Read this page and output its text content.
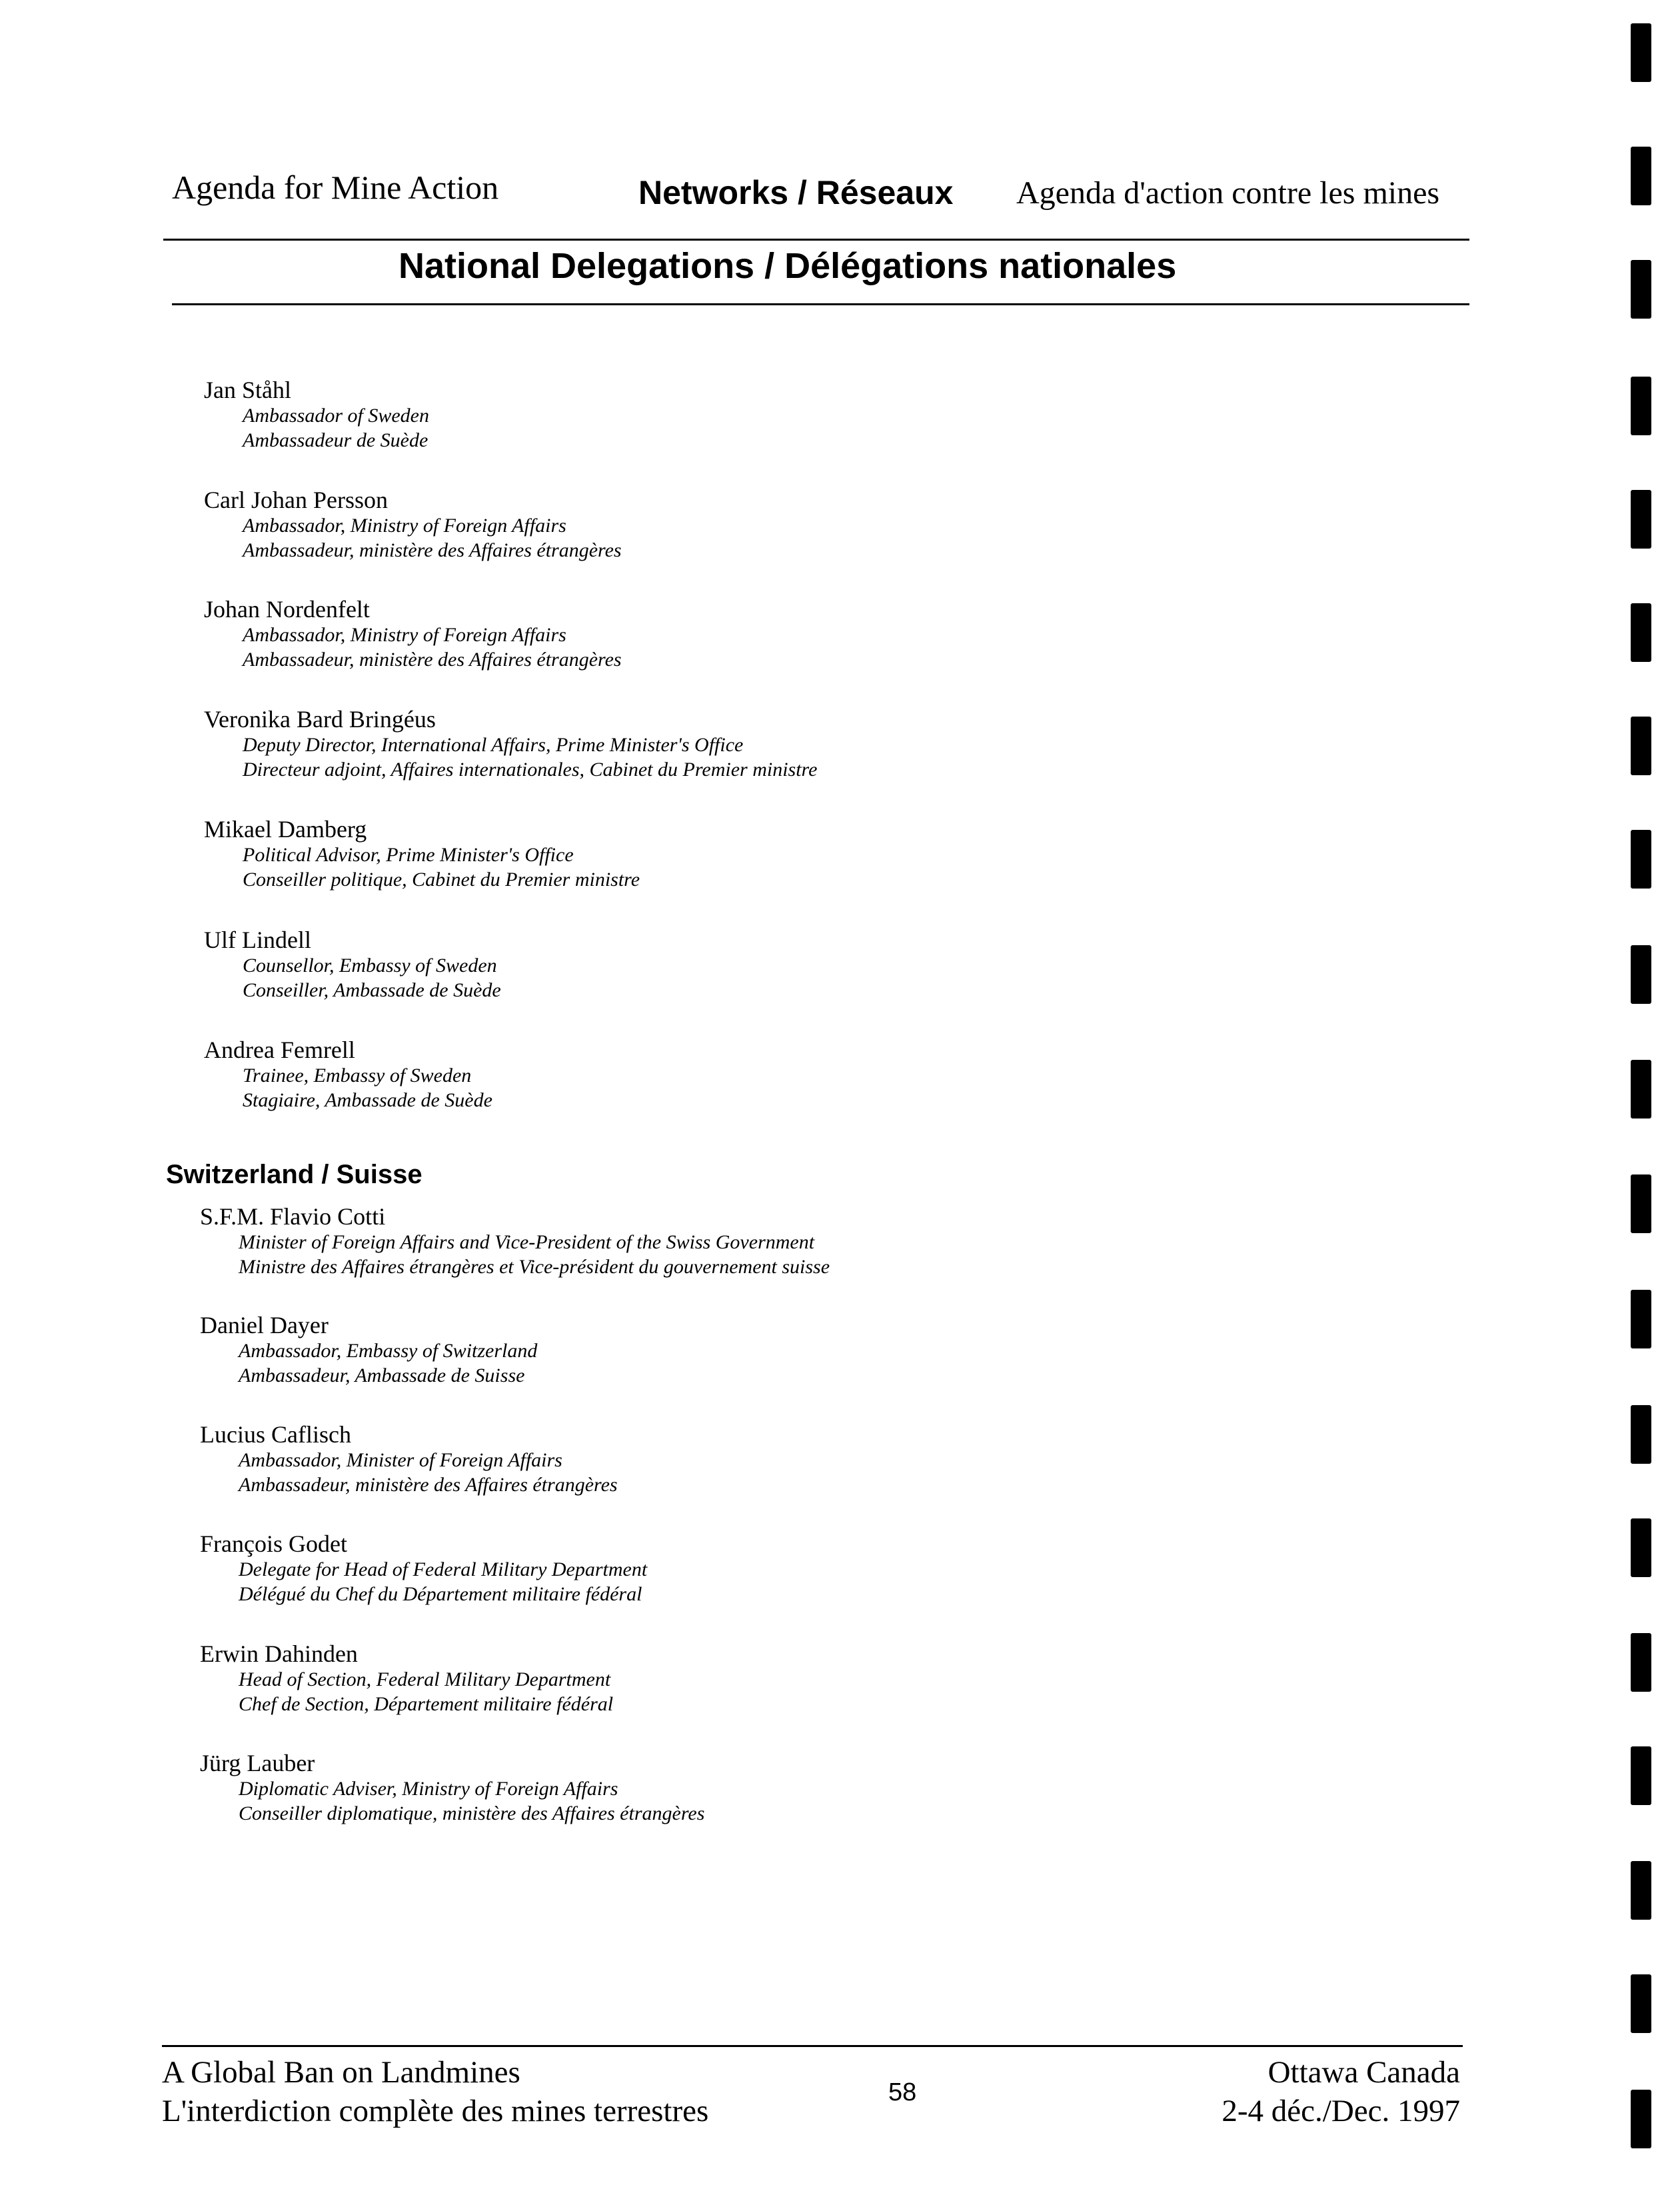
Agenda for Mine Action	Networks / Réseaux Agenda d'action contre les mines
National Delegations / Délégations nationales
Jan Ståhl
Ambassador of Sweden
Ambassadeur de Suède
Carl Johan Persson
Ambassador, Ministry of Foreign Affairs
Ambassadeur, ministère des Affaires étrangères
Johan Nordenfelt
Ambassador, Ministry of Foreign Affairs
Ambassadeur, ministère des Affaires étrangères
Veronika Bard Bringéus
Deputy Director, International Affairs, Prime Minister's Office
Directeur adjoint, Affaires internationales, Cabinet du Premier ministre
Mikael Damberg
Political Advisor, Prime Minister's Office
Conseiller politique, Cabinet du Premier ministre
Ulf Lindell
Counsellor, Embassy of Sweden
Conseiller, Ambassade de Suède
Andrea Femrell
Trainee, Embassy of Sweden
Stagiaire, Ambassade de Suède
Switzerland / Suisse
S.F.M. Flavio Cotti
Minister of Foreign Affairs and Vice-President of the Swiss Government
Ministre des Affaires étrangères et Vice-président du gouvernement suisse
Daniel Dayer
Ambassador, Embassy of Switzerland
Ambassadeur, Ambassade de Suisse
Lucius Caflisch
Ambassador, Minister of Foreign Affairs
Ambassadeur, ministère des Affaires étrangères
François Godet
Delegate for Head of Federal Military Department
Délégué du Chef du Département militaire fédéral
Erwin Dahinden
Head of Section, Federal Military Department
Chef de Section, Département militaire fédéral
Jürg Lauber
Diplomatic Adviser, Ministry of Foreign Affairs
Conseiller diplomatique, ministère des Affaires étrangères
A Global Ban on Landmines
L'interdiction complète des mines terrestres
58
Ottawa Canada
2-4 déc./Dec. 1997
